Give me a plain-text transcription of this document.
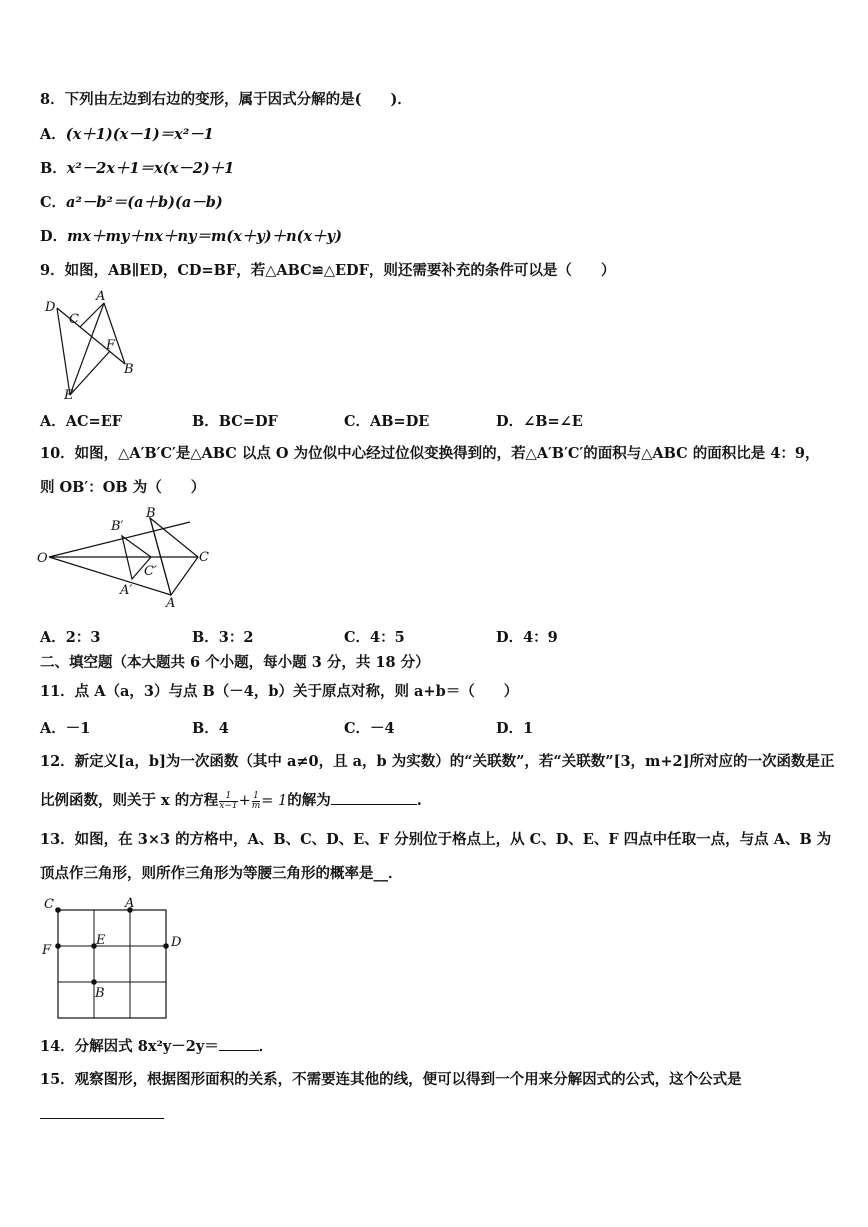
8．下列由左边到右边的变形，属于因式分解的是(　　)．
A．(x＋1)(x－1)＝x²－1
B．x²－2x＋1＝x(x－2)＋1
C．a²－b²＝(a＋b)(a－b)
D．mx＋my＋nx＋ny＝m(x＋y)＋n(x＋y)
9．如图，AB∥ED，CD=BF，若△ABC≌△EDF，则还需要补充的条件可以是（　　）
D
A
C
F
B
E
A．AC=EF	B．BC=DF	C．AB=DE	D．∠B=∠E
10．如图，△A′B′C′是△ABC 以点 O 为位似中心经过位似变换得到的，若△A′B′C′的面积与△ABC 的面积比是 4：9，
则 OB′：OB 为（　　）
O
B′
B
C
C′
A′
A
A．2：3	B．3：2	C．4：5	D．4：9
二、填空题（本大题共 6 个小题，每小题 3 分，共 18 分）
11．点 A（a，3）与点 B（－4，b）关于原点对称，则 a+b＝（　　）
A．－1	B．4	C．－4	D．1
12．新定义[a，b]为一次函数（其中 a≠0，且 a，b 为实数）的“关联数”，若“关联数”[3，m+2]所对应的一次函数是正
比例函数，则关于 x 的方程 $\frac{1}{x-1} + \frac{1}{m} = 1$的解为	.
13．如图，在 3×3 的方格中，A、B、C、D、E、F 分别位于格点上，从 C、D、E、F 四点中任取一点，与点 A、B 为
顶点作三角形，则所作三角形为等腰三角形的概率是__．
C	A
E	D
F
B
14．分解因式 8x²y－2y＝	．
15．观察图形，根据图形面积的关系，不需要连其他的线，便可以得到一个用来分解因式的公式，这个公式是
